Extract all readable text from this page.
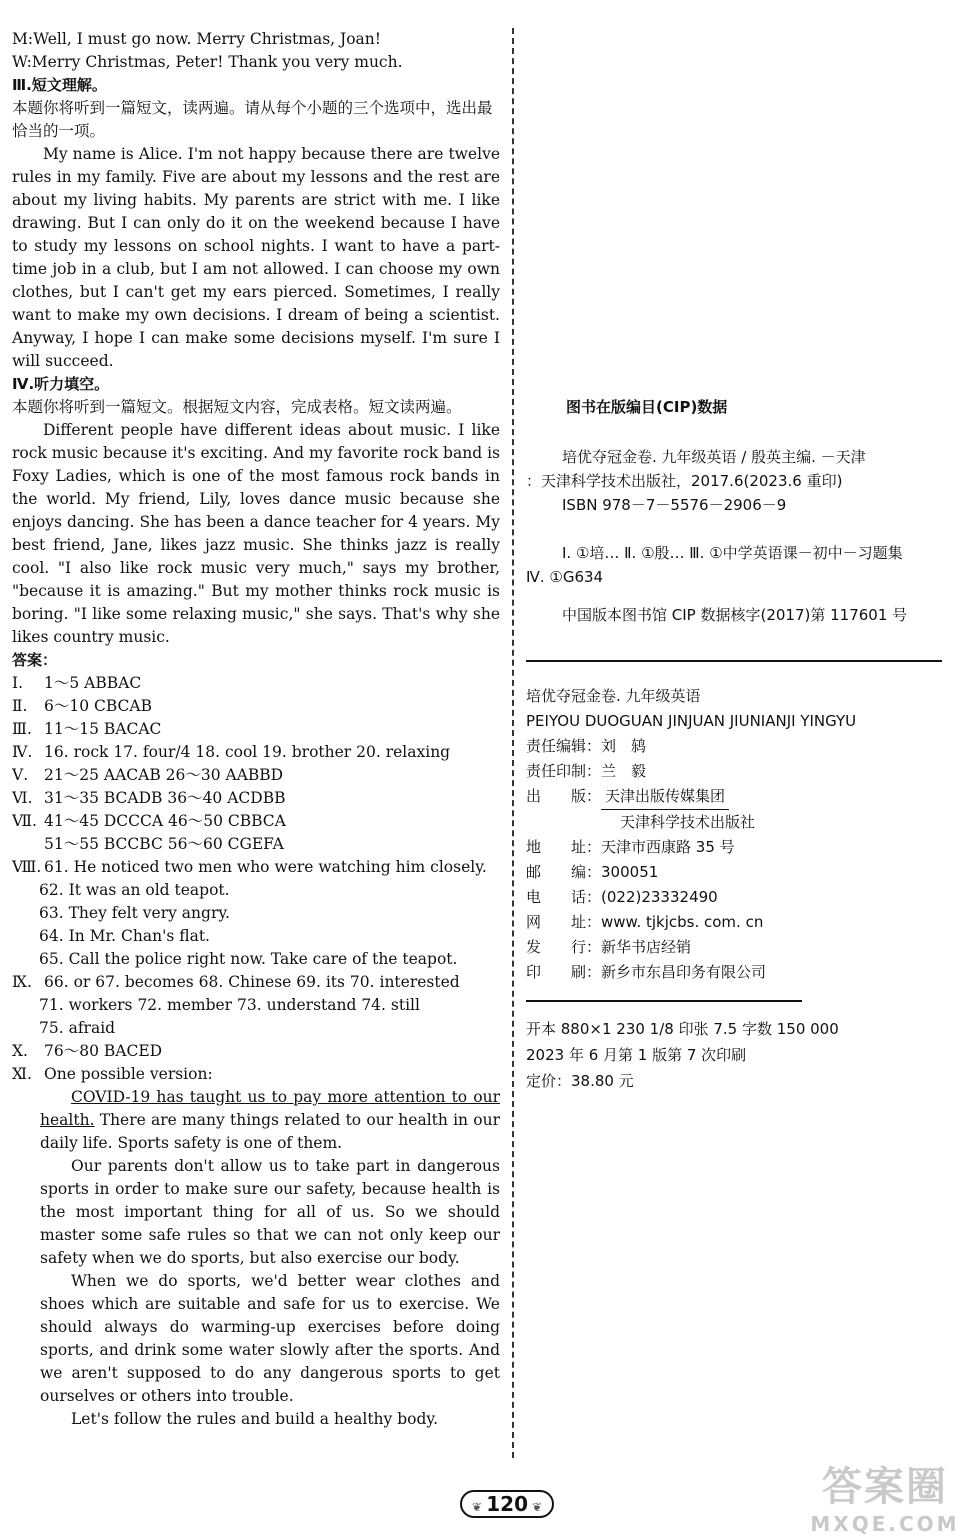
M:Well, I must go now. Merry Christmas, Joan!

W:Merry Christmas, Peter! Thank you very much.

Ⅲ.短文理解。

本题你将听到一篇短文，读两遍。请从每个小题的三个选项中，选出最恰当的一项。

My name is Alice. I'm not happy because there are twelve rules in my family. Five are about my lessons and the rest are about my living habits. My parents are strict with me. I like drawing. But I can only do it on the weekend because I have to study my lessons on school nights. I want to have a part-time job in a club, but I am not allowed. I can choose my own clothes, but I can't get my ears pierced. Sometimes, I really want to make my own decisions. I dream of being a scientist. Anyway, I hope I can make some decisions myself. I'm sure I will succeed.

Ⅳ.听力填空。

本题你将听到一篇短文。根据短文内容，完成表格。短文读两遍。

Different people have different ideas about music. I like rock music because it's exciting. And my favorite rock band is Foxy Ladies, which is one of the most famous rock bands in the world. My friend, Lily, loves dance music because she enjoys dancing. She has been a dance teacher for 4 years. My best friend, Jane, likes jazz music. She thinks jazz is really cool. "I also like rock music very much," says my brother, "because it is amazing." But my mother thinks rock music is boring. "I like some relaxing music," she says. That's why she likes country music.

答案：

Ⅰ. 1～5 ABBAC
Ⅱ. 6～10 CBCAB
Ⅲ. 11～15 BACAC
Ⅳ. 16. rock 17. four/4 18. cool 19. brother 20. relaxing
Ⅴ. 21～25 AACAB 26～30 AABBD
Ⅵ. 31～35 BCADB 36～40 ACDBB
Ⅶ. 41～45 DCCCA 46～50 CBBCA
51～55 BCCBC 56～60 CGEFA
Ⅷ. 61. He noticed two men who were watching him closely.
62. It was an old teapot.
63. They felt very angry.
64. In Mr. Chan's flat.
65. Call the police right now. Take care of the teapot.
Ⅸ. 66. or 67. becomes 68. Chinese 69. its 70. interested
71. workers 72. member 73. understand 74. still
75. afraid
Ⅹ. 76～80 BACED
Ⅺ. One possible version:

COVID-19 has taught us to pay more attention to our health. There are many things related to our health in our daily life. Sports safety is one of them.

Our parents don't allow us to take part in dangerous sports in order to make sure our safety, because health is the most important thing for all of us. So we should master some safe rules so that we can not only keep our safety when we do sports, but also exercise our body.

When we do sports, we'd better wear clothes and shoes which are suitable and safe for us to exercise. We should always do warming-up exercises before doing sports, and drink some water slowly after the sports. And we aren't supposed to do any dangerous sports to get ourselves or others into trouble.

Let's follow the rules and build a healthy body.

图书在版编目(CIP)数据
培优夺冠金卷. 九年级英语 / 殷英主编. －天津
：天津科学技术出版社，2017.6(2023.6 重印)
ISBN 978－7－5576－2906－9
Ⅰ. ①培… Ⅱ. ①殷… Ⅲ. ①中学英语课－初中－习题集
Ⅳ. ①G634
中国版本图书馆 CIP 数据核字(2017)第 117601 号
培优夺冠金卷. 九年级英语
PEIYOU DUOGUAN JINJUAN JIUNIANJI YINGYU
责任编辑：刘　鸫
责任印制：兰　毅
出　　版： 天津出版传媒集团
天津科学技术出版社
地　　址：天津市西康路 35 号
邮　　编：300051
电　　话：(022)23332490
网　　址：www. tjkjcbs. com. cn
发　　行：新华书店经销
印　　刷：新乡市东昌印务有限公司
开本 880×1 230 1/8 印张 7.5 字数 150 000
2023 年 6 月第 1 版第 7 次印刷
定价：38.80 元
❦ 120 ❦	答案圈
MXQE.COM
